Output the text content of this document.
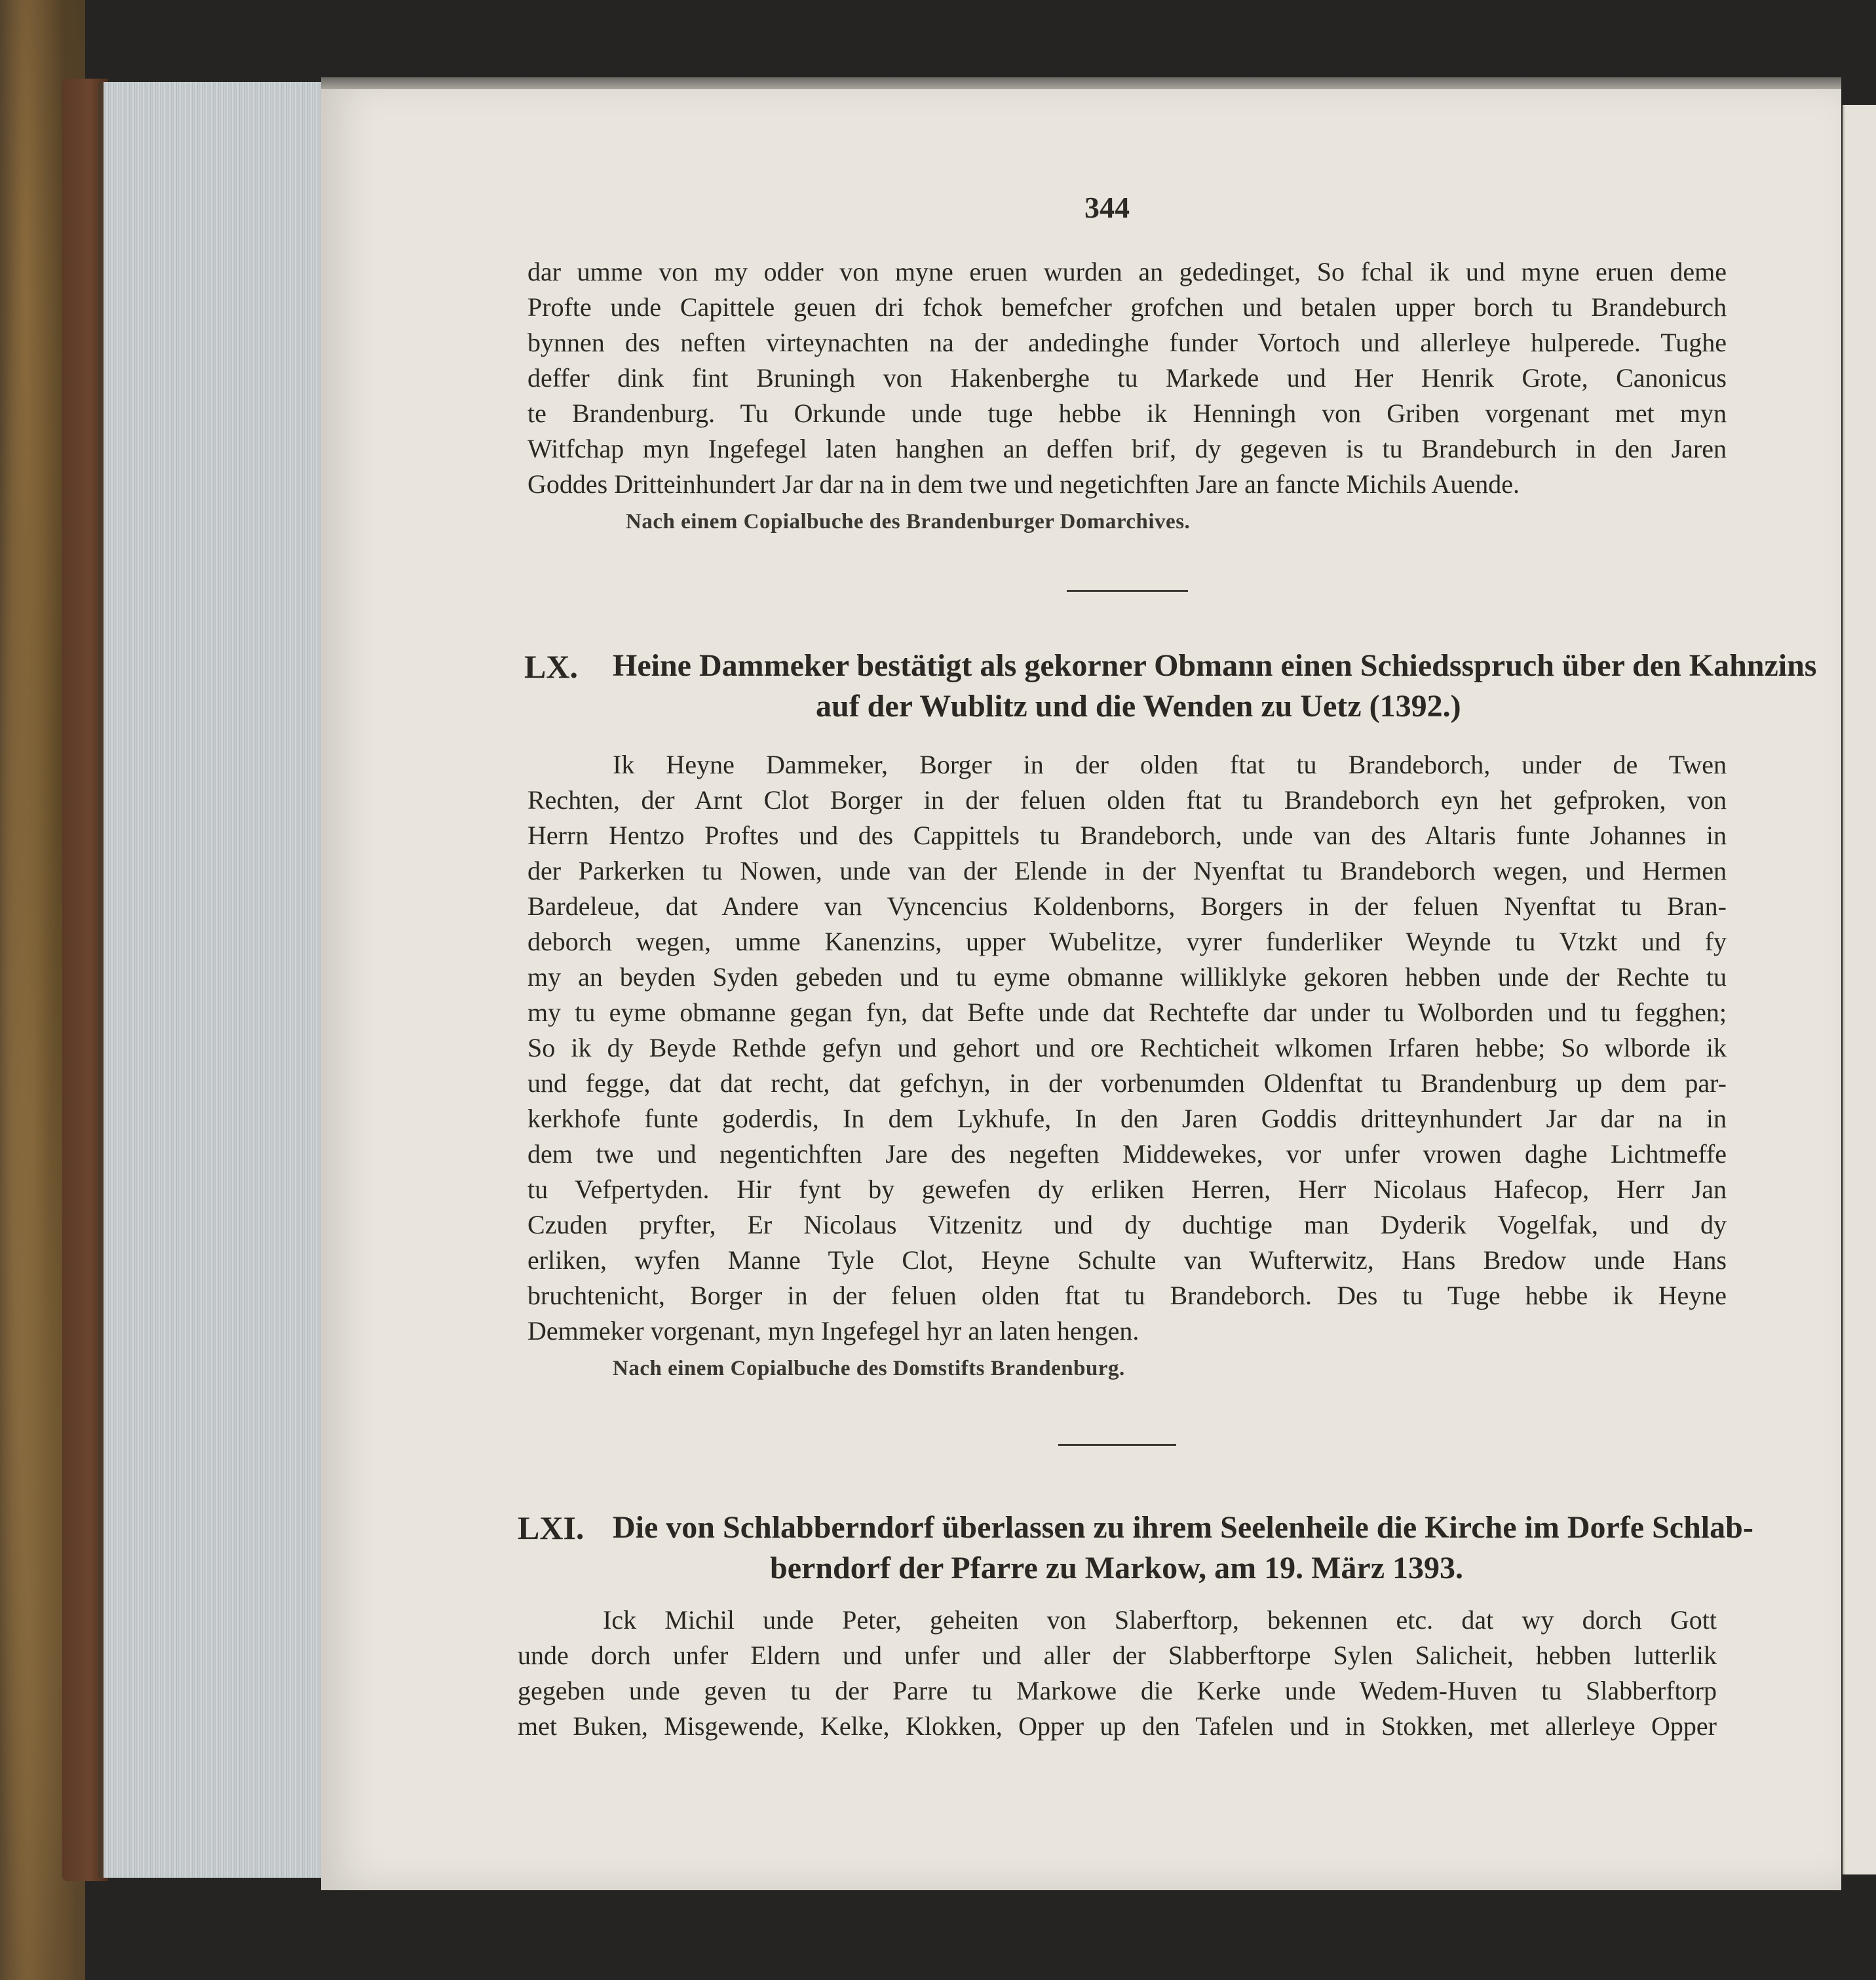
344
dar umme von my odder von myne eruen wurden an gededinget, So fchal ik und myne eruen deme
Profte unde Capittele geuen dri fchok bemefcher grofchen und betalen upper borch tu Brandeburch
bynnen des neften virteynachten na der andedinghe funder Vortoch und allerleye hulperede. Tughe
deffer dink fint Bruningh von Hakenberghe tu Markede und Her Henrik Grote, Canonicus
te Brandenburg. Tu Orkunde unde tuge hebbe ik Henningh von Griben vorgenant met myn
Witfchap myn Ingefegel laten hanghen an deffen brif, dy gegeven is tu Brandeburch in den Jaren
Goddes Dritteinhundert Jar dar na in dem twe und negetichften Jare an fancte Michils Auende.
Nach einem Copialbuche des Brandenburger Domarchives.
LX. Heine Dammeker bestätigt als gekorner Obmann einen Schiedsspruch über den Kahnzins
auf der Wublitz und die Wenden zu Uetz (1392.)
Ik Heyne Dammeker, Borger in der olden ftat tu Brandeborch, under de Twen
Rechten, der Arnt Clot Borger in der feluen olden ftat tu Brandeborch eyn het gefproken, von
Herrn Hentzo Proftes und des Cappittels tu Brandeborch, unde van des Altaris funte Johannes in
der Parkerken tu Nowen, unde van der Elende in der Nyenftat tu Brandeborch wegen, und Hermen
Bardeleue, dat Andere van Vyncencius Koldenborns, Borgers in der feluen Nyenftat tu Bran-
deborch wegen, umme Kanenzins, upper Wubelitze, vyrer funderliker Weynde tu Vtzkt und fy
my an beyden Syden gebeden und tu eyme obmanne williklyke gekoren hebben unde der Rechte tu
my tu eyme obmanne gegan fyn, dat Befte unde dat Rechtefte dar under tu Wolborden und tu fegghen;
So ik dy Beyde Rethde gefyn und gehort und ore Rechticheit wlkomen Irfaren hebbe; So wlborde ik
und fegge, dat dat recht, dat gefchyn, in der vorbenumden Oldenftat tu Brandenburg up dem par-
kerkhofe funte goderdis, In dem Lykhufe, In den Jaren Goddis dritteynhundert Jar dar na in
dem twe und negentichften Jare des negeften Middewekes, vor unfer vrowen daghe Lichtmeffe
tu Vefpertyden. Hir fynt by gewefen dy erliken Herren, Herr Nicolaus Hafecop, Herr Jan
Czuden pryfter, Er Nicolaus Vitzenitz und dy duchtige man Dyderik Vogelfak, und dy
erliken, wyfen Manne Tyle Clot, Heyne Schulte van Wufterwitz, Hans Bredow unde Hans
bruchtenicht, Borger in der feluen olden ftat tu Brandeborch. Des tu Tuge hebbe ik Heyne
Demmeker vorgenant, myn Ingefegel hyr an laten hengen.
Nach einem Copialbuche des Domstifts Brandenburg.
LXI. Die von Schlabberndorf überlassen zu ihrem Seelenheile die Kirche im Dorfe Schlab-
berndorf der Pfarre zu Markow, am 19. März 1393.
Ick Michil unde Peter, geheiten von Slaberftorp, bekennen etc. dat wy dorch Gott
unde dorch unfer Eldern und unfer und aller der Slabberftorpe Sylen Salicheit, hebben lutterlik
gegeben unde geven tu der Parre tu Markowe die Kerke unde Wedem-Huven tu Slabberftorp
met Buken, Misgewende, Kelke, Klokken, Opper up den Tafelen und in Stokken, met allerleye Opper
